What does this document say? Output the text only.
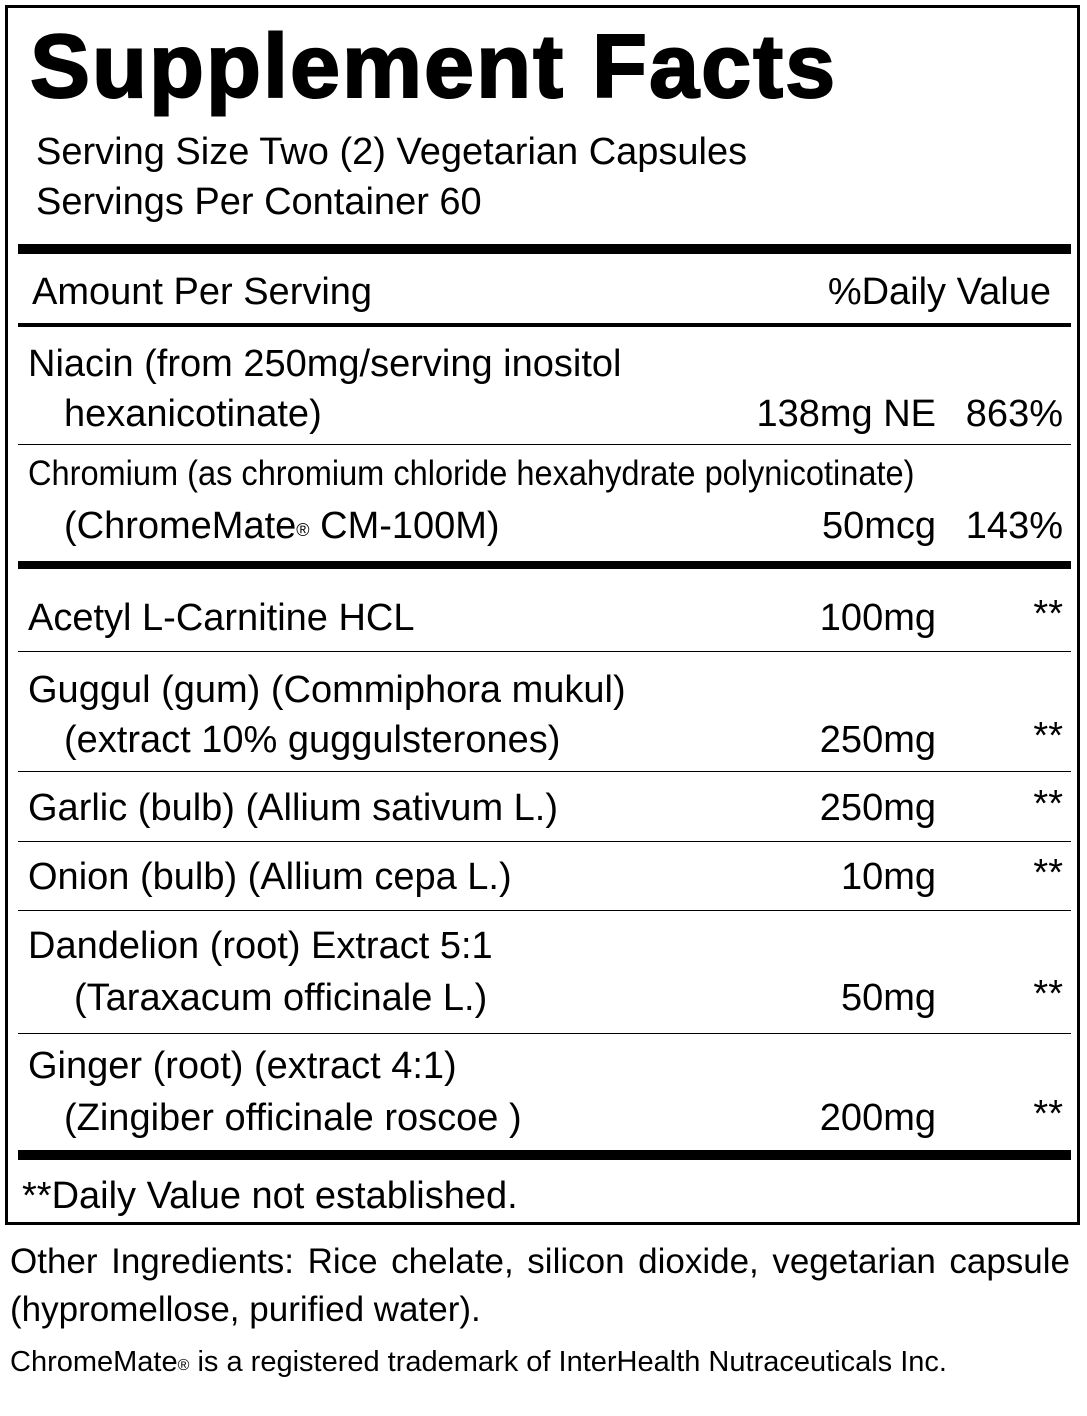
Supplement Facts
Serving Size Two (2) Vegetarian Capsules
Servings Per Container 60
Amount Per Serving	%Daily Value
Niacin (from 250mg/serving inositol
hexanicotinate)	138mg NE 863%
Chromium (as chromium chloride hexahydrate polynicotinate)
(ChromeMate® CM-100M)	50mcg 143%
Acetyl L-Carnitine HCL	100mg	**
Guggul (gum) (Commiphora mukul)
(extract 10% guggulsterones)	250mg	**
Garlic (bulb) (Allium sativum L.)	250mg	**
Onion (bulb) (Allium cepa L.)	10mg	**
Dandelion (root) Extract 5:1
(Taraxacum officinale L.)	50mg	**
Ginger (root) (extract 4:1)
(Zingiber officinale roscoe )	200mg	**
**Daily Value not established.
Other Ingredients: Rice chelate, silicon dioxide, vegetarian capsule (hypromellose, purified water).
ChromeMate® is a registered trademark of InterHealth Nutraceuticals Inc.
